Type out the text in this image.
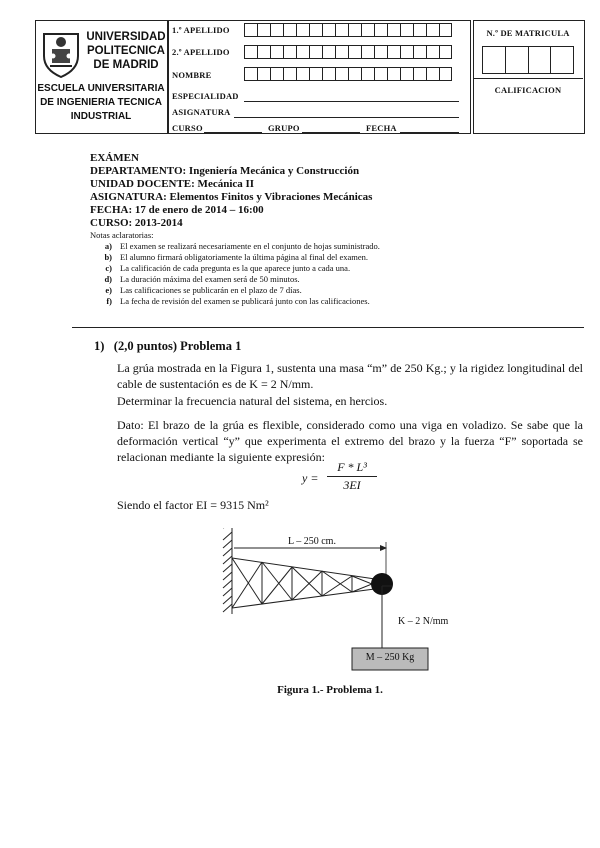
UNIVERSIDAD
POLITECNICA
DE MADRID
ESCUELA UNIVERSITARIA
DE INGENIERIA TECNICA
INDUSTRIAL
1.º APELLIDO
2.º APELLIDO
NOMBRE
ESPECIALIDAD
ASIGNATURA
CURSO	GRUPO	FECHA
N.º DE MATRICULA
CALIFICACION
EXÁMEN
DEPARTAMENTO: Ingeniería Mecánica y Construcción
UNIDAD DOCENTE: Mecánica II
ASIGNATURA: Elementos Finitos y Vibraciones Mecánicas
FECHA: 17 de enero de 2014 – 16:00
CURSO: 2013-2014
Notas aclaratorias:
a) El examen se realizará necesariamente en el conjunto de hojas suministrado.
b) El alumno firmará obligatoriamente la última página al final del examen.
c) La calificación de cada pregunta es la que aparece junto a cada una.
d) La duración máxima del examen será de 50 minutos.
e) Las calificaciones se publicarán en el plazo de 7 días.
f) La fecha de revisión del examen se publicará junto con las calificaciones.
1) (2,0 puntos) Problema 1
La grúa mostrada en la Figura 1, sustenta una masa “m” de 250 Kg.; y la rigidez longitudinal del cable de sustentación es de K = 2 N/mm.
Determinar la frecuencia natural del sistema, en hercios.
Dato: El brazo de la grúa es flexible, considerado como una viga en voladizo. Se sabe que la deformación vertical “y” que experimenta el extremo del brazo y la fuerza “F” soportada se relacionan mediante la siguiente expresión:
$y = \frac{\text{F * L³}}{3EI}$
Siendo el factor EI = 9315 Nm²
L – 250 cm.
K – 2 N/mm
M – 250 Kg
Figura 1.- Problema 1.
